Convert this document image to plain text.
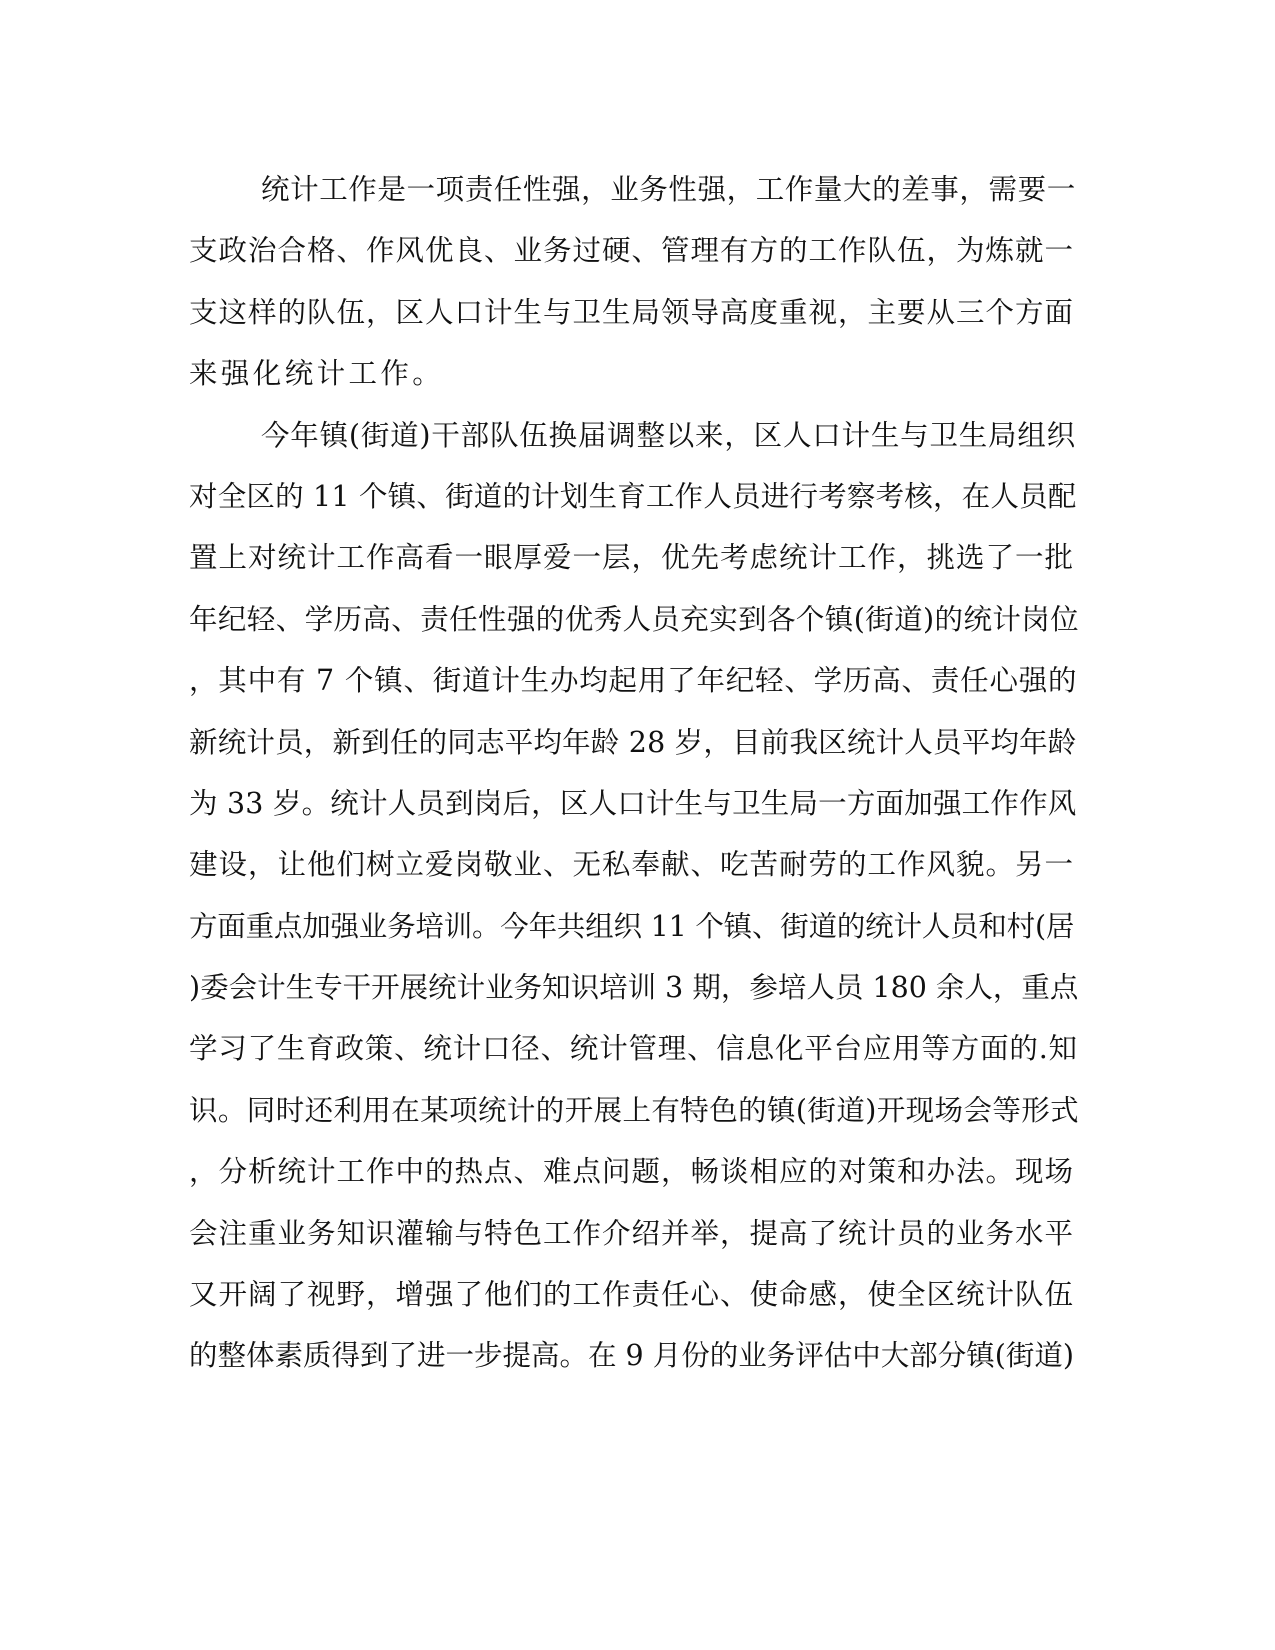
统计工作是一项责任性强，业务性强，工作量大的差事，需要一
支政治合格、作风优良、业务过硬、管理有方的工作队伍，为炼就一
支这样的队伍，区人口计生与卫生局领导高度重视，主要从三个方面
来强化统计工作。
今年镇(街道)干部队伍换届调整以来，区人口计生与卫生局组织
对全区的 11 个镇、街道的计划生育工作人员进行考察考核，在人员配
置上对统计工作高看一眼厚爱一层，优先考虑统计工作，挑选了一批
年纪轻、学历高、责任性强的优秀人员充实到各个镇(街道)的统计岗位
，其中有 7 个镇、街道计生办均起用了年纪轻、学历高、责任心强的
新统计员，新到任的同志平均年龄 28 岁，目前我区统计人员平均年龄
为 33 岁。统计人员到岗后，区人口计生与卫生局一方面加强工作作风
建设，让他们树立爱岗敬业、无私奉献、吃苦耐劳的工作风貌。另一
方面重点加强业务培训。今年共组织 11 个镇、街道的统计人员和村(居
)委会计生专干开展统计业务知识培训 3 期，参培人员 180 余人，重点
学习了生育政策、统计口径、统计管理、信息化平台应用等方面的.知
识。同时还利用在某项统计的开展上有特色的镇(街道)开现场会等形式
，分析统计工作中的热点、难点问题，畅谈相应的对策和办法。现场
会注重业务知识灌输与特色工作介绍并举，提高了统计员的业务水平
又开阔了视野，增强了他们的工作责任心、使命感，使全区统计队伍
的整体素质得到了进一步提高。在 9 月份的业务评估中大部分镇(街道)
